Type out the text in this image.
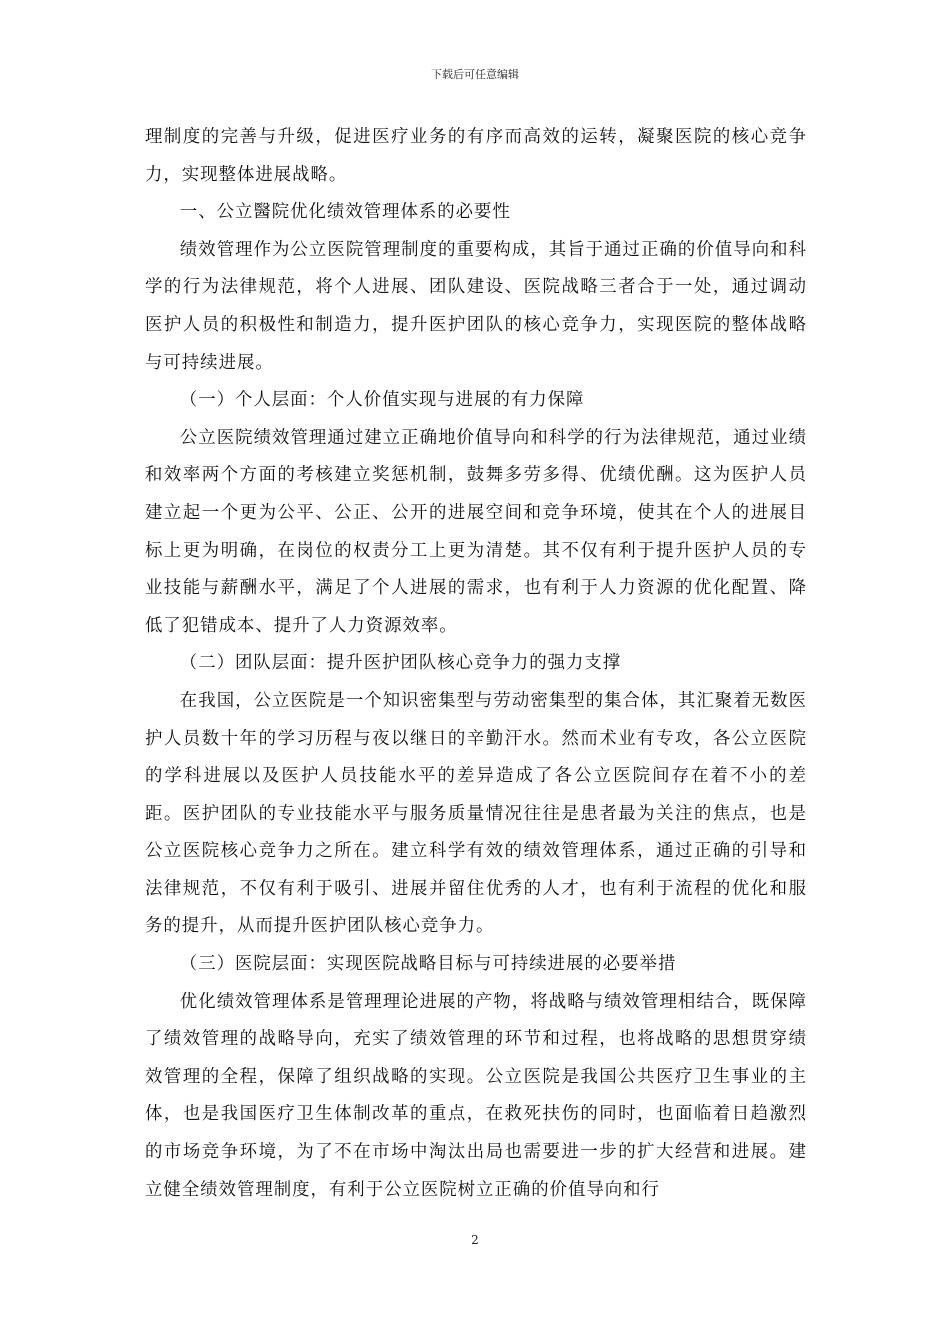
下载后可任意编辑

理制度的完善与升级，促进医疗业务的有序而高效的运转，凝聚医院的核心竞争力，实现整体进展战略。

一、公立醫院优化绩效管理体系的必要性

绩效管理作为公立医院管理制度的重要构成，其旨于通过正确的价值导向和科学的行为法律规范，将个人进展、团队建设、医院战略三者合于一处，通过调动医护人员的积极性和制造力，提升医护团队的核心竞争力，实现医院的整体战略与可持续进展。

（一）个人层面：个人价值实现与进展的有力保障

公立医院绩效管理通过建立正确地价值导向和科学的行为法律规范，通过业绩和效率两个方面的考核建立奖惩机制，鼓舞多劳多得、优绩优酬。这为医护人员建立起一个更为公平、公正、公开的进展空间和竞争环境，使其在个人的进展目标上更为明确，在岗位的权责分工上更为清楚。其不仅有利于提升医护人员的专业技能与薪酬水平，满足了个人进展的需求，也有利于人力资源的优化配置、降低了犯错成本、提升了人力资源效率。

（二）团队层面：提升医护团队核心竞争力的强力支撑

在我国，公立医院是一个知识密集型与劳动密集型的集合体，其汇聚着无数医护人员数十年的学习历程与夜以继日的辛勤汗水。然而术业有专攻，各公立医院的学科进展以及医护人员技能水平的差异造成了各公立医院间存在着不小的差距。医护团队的专业技能水平与服务质量情况往往是患者最为关注的焦点，也是公立医院核心竞争力之所在。建立科学有效的绩效管理体系，通过正确的引导和法律规范，不仅有利于吸引、进展并留住优秀的人才，也有利于流程的优化和服务的提升，从而提升医护团队核心竞争力。

（三）医院层面：实现医院战略目标与可持续进展的必要举措

优化绩效管理体系是管理理论进展的产物，将战略与绩效管理相结合，既保障了绩效管理的战略导向，充实了绩效管理的环节和过程，也将战略的思想贯穿绩效管理的全程，保障了组织战略的实现。公立医院是我国公共医疗卫生事业的主体，也是我国医疗卫生体制改革的重点，在救死扶伤的同时，也面临着日趋激烈的市场竞争环境，为了不在市场中淘汰出局也需要进一步的扩大经营和进展。建立健全绩效管理制度，有利于公立医院树立正确的价值导向和行

2
